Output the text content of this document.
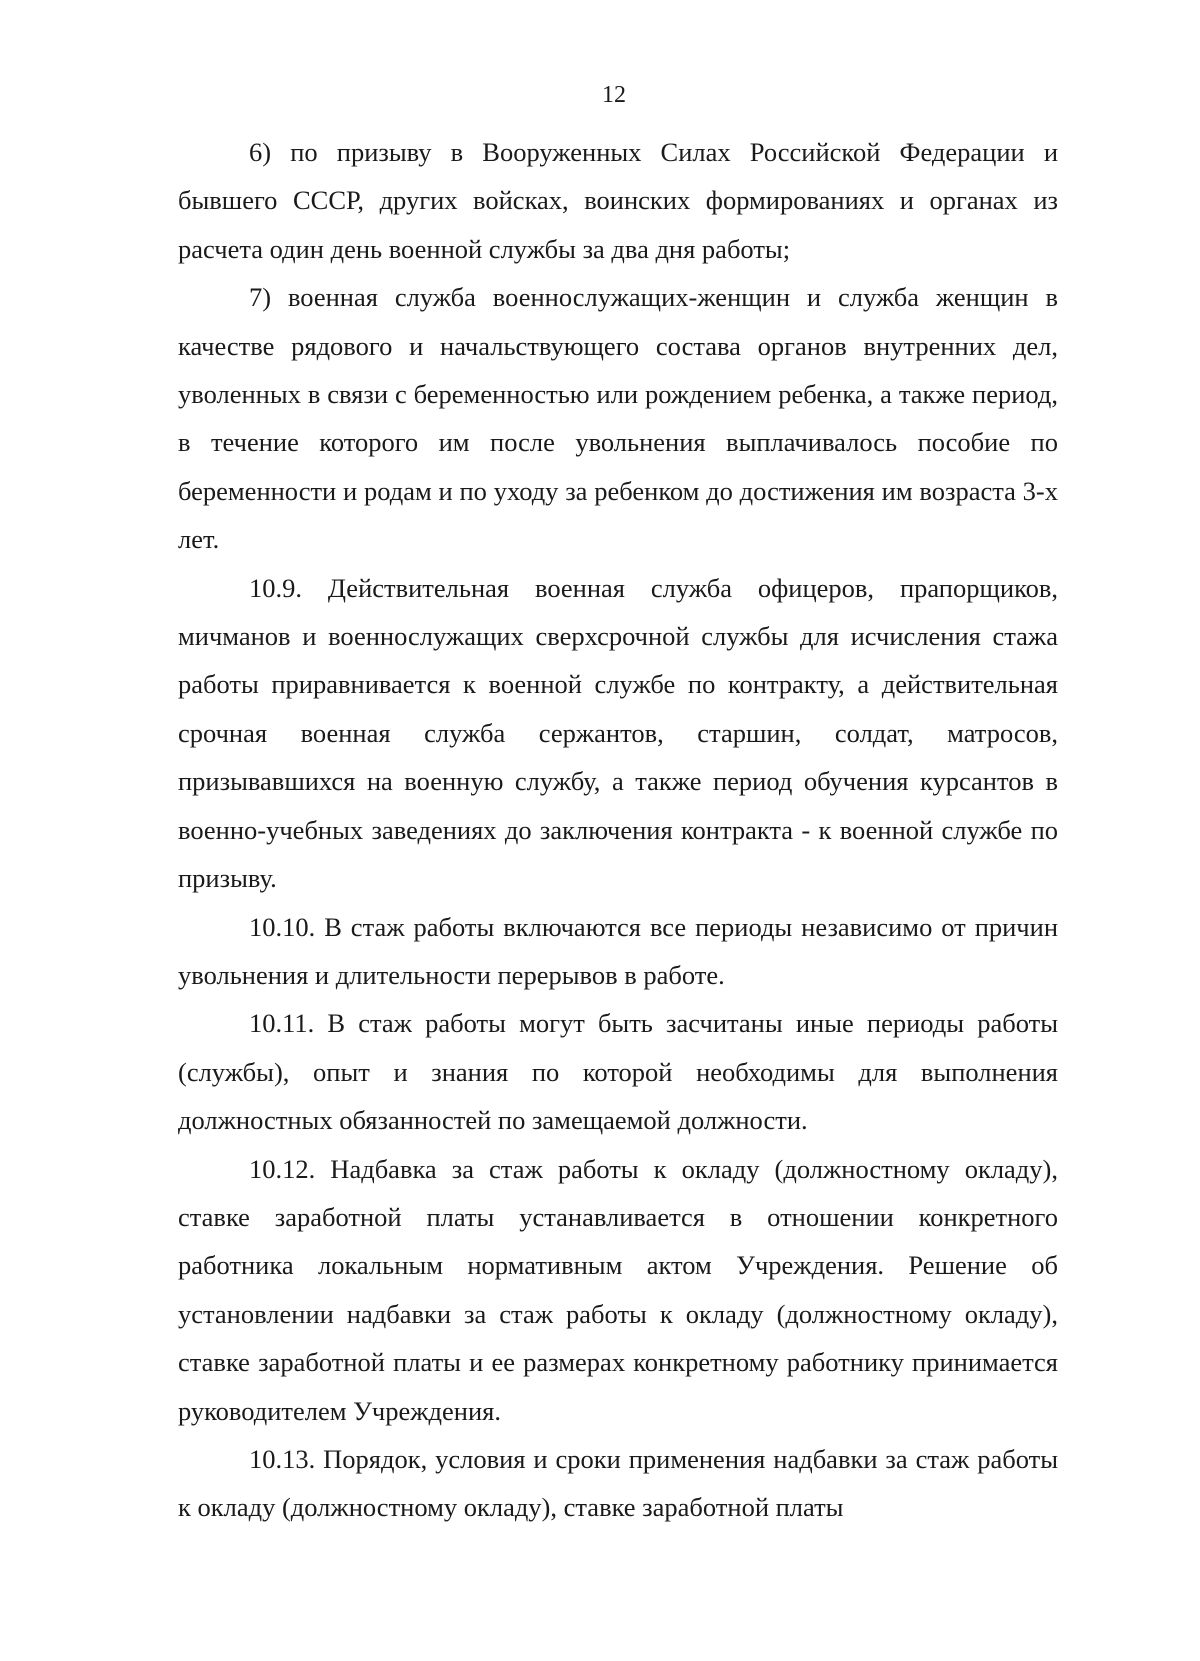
12

6) по призыву в Вооруженных Силах Российской Федерации и бывшего СССР, других войсках, воинских формированиях и органах из расчета один день военной службы за два дня работы;

7) военная служба военнослужащих-женщин и служба женщин в качестве рядового и начальствующего состава органов внутренних дел, уволенных в связи с беременностью или рождением ребенка, а также период, в течение которого им после увольнения выплачивалось пособие по беременности и родам и по уходу за ребенком до достижения им возраста 3-х лет.

10.9. Действительная военная служба офицеров, прапорщиков, мичманов и военнослужащих сверхсрочной службы для исчисления стажа работы приравнивается к военной службе по контракту, а действительная срочная военная служба сержантов, старшин, солдат, матросов, призывавшихся на военную службу, а также период обучения курсантов в военно-учебных заведениях до заключения контракта - к военной службе по призыву.

10.10. В стаж работы включаются все периоды независимо от причин увольнения и длительности перерывов в работе.

10.11. В стаж работы могут быть засчитаны иные периоды работы (службы), опыт и знания по которой необходимы для выполнения должностных обязанностей по замещаемой должности.

10.12. Надбавка за стаж работы к окладу (должностному окладу), ставке заработной платы устанавливается в отношении конкретного работника локальным нормативным актом Учреждения. Решение об установлении надбавки за стаж работы к окладу (должностному окладу), ставке заработной платы и ее размерах конкретному работнику принимается руководителем Учреждения.

10.13. Порядок, условия и сроки применения надбавки за стаж работы к окладу (должностному окладу), ставке заработной платы
